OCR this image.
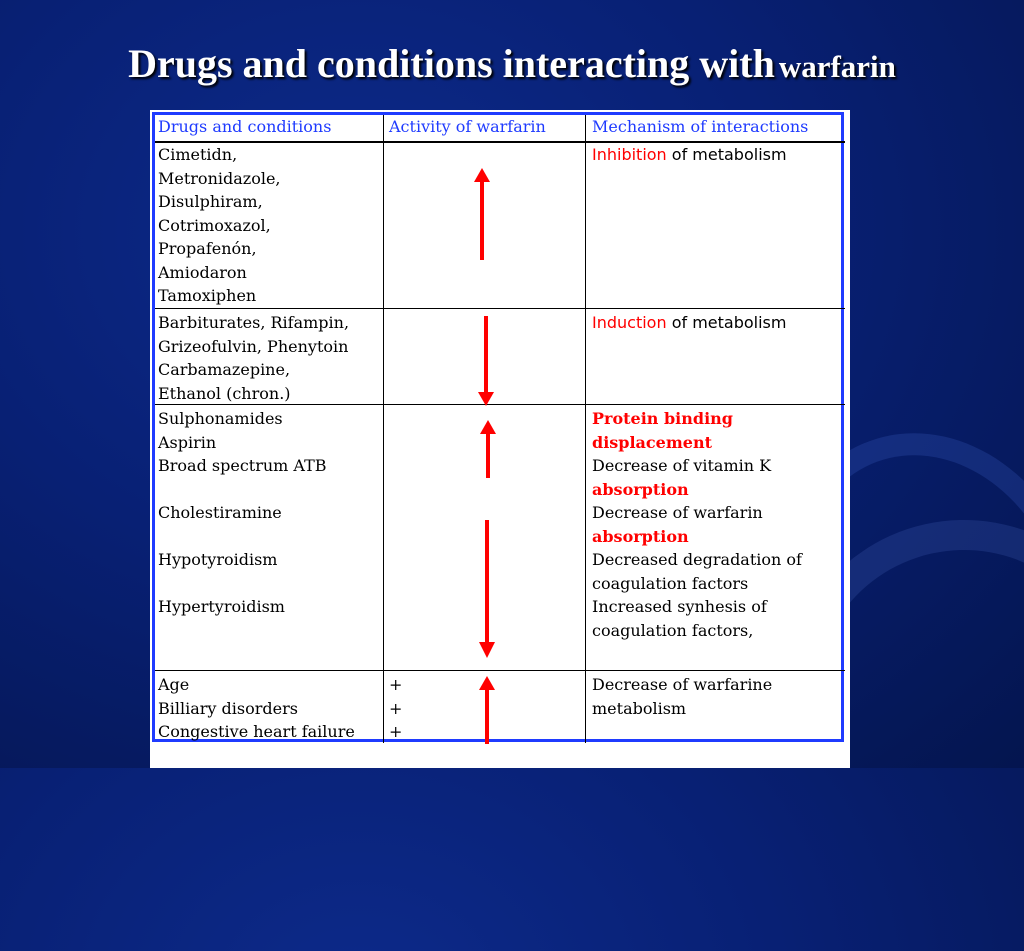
Drugs and conditions interacting with warfarin
Drugs and conditions	Activity of warfarin	Mechanism of interactions
Cimetidn,
Metronidazole,
Disulphiram,
Cotrimoxazol,
Propafenón,
Amiodaron
Tamoxiphen
Inhibition of metabolism
Barbiturates, Rifampin,
Grizeofulvin, Phenytoin
Carbamazepine,
Ethanol (chron.)
Induction of metabolism
Sulphonamides
Aspirin
Broad spectrum ATB
Cholestiramine
Hypotyroidism
Hypertyroidism
Protein binding
displacement
Decrease of vitamin K
absorption
Decrease of warfarin
absorption
Decreased degradation of
coagulation factors
Increased synhesis of
coagulation factors,
Age
Billiary disorders
Congestive heart failure
+
+
+
Decrease of warfarine
metabolism
